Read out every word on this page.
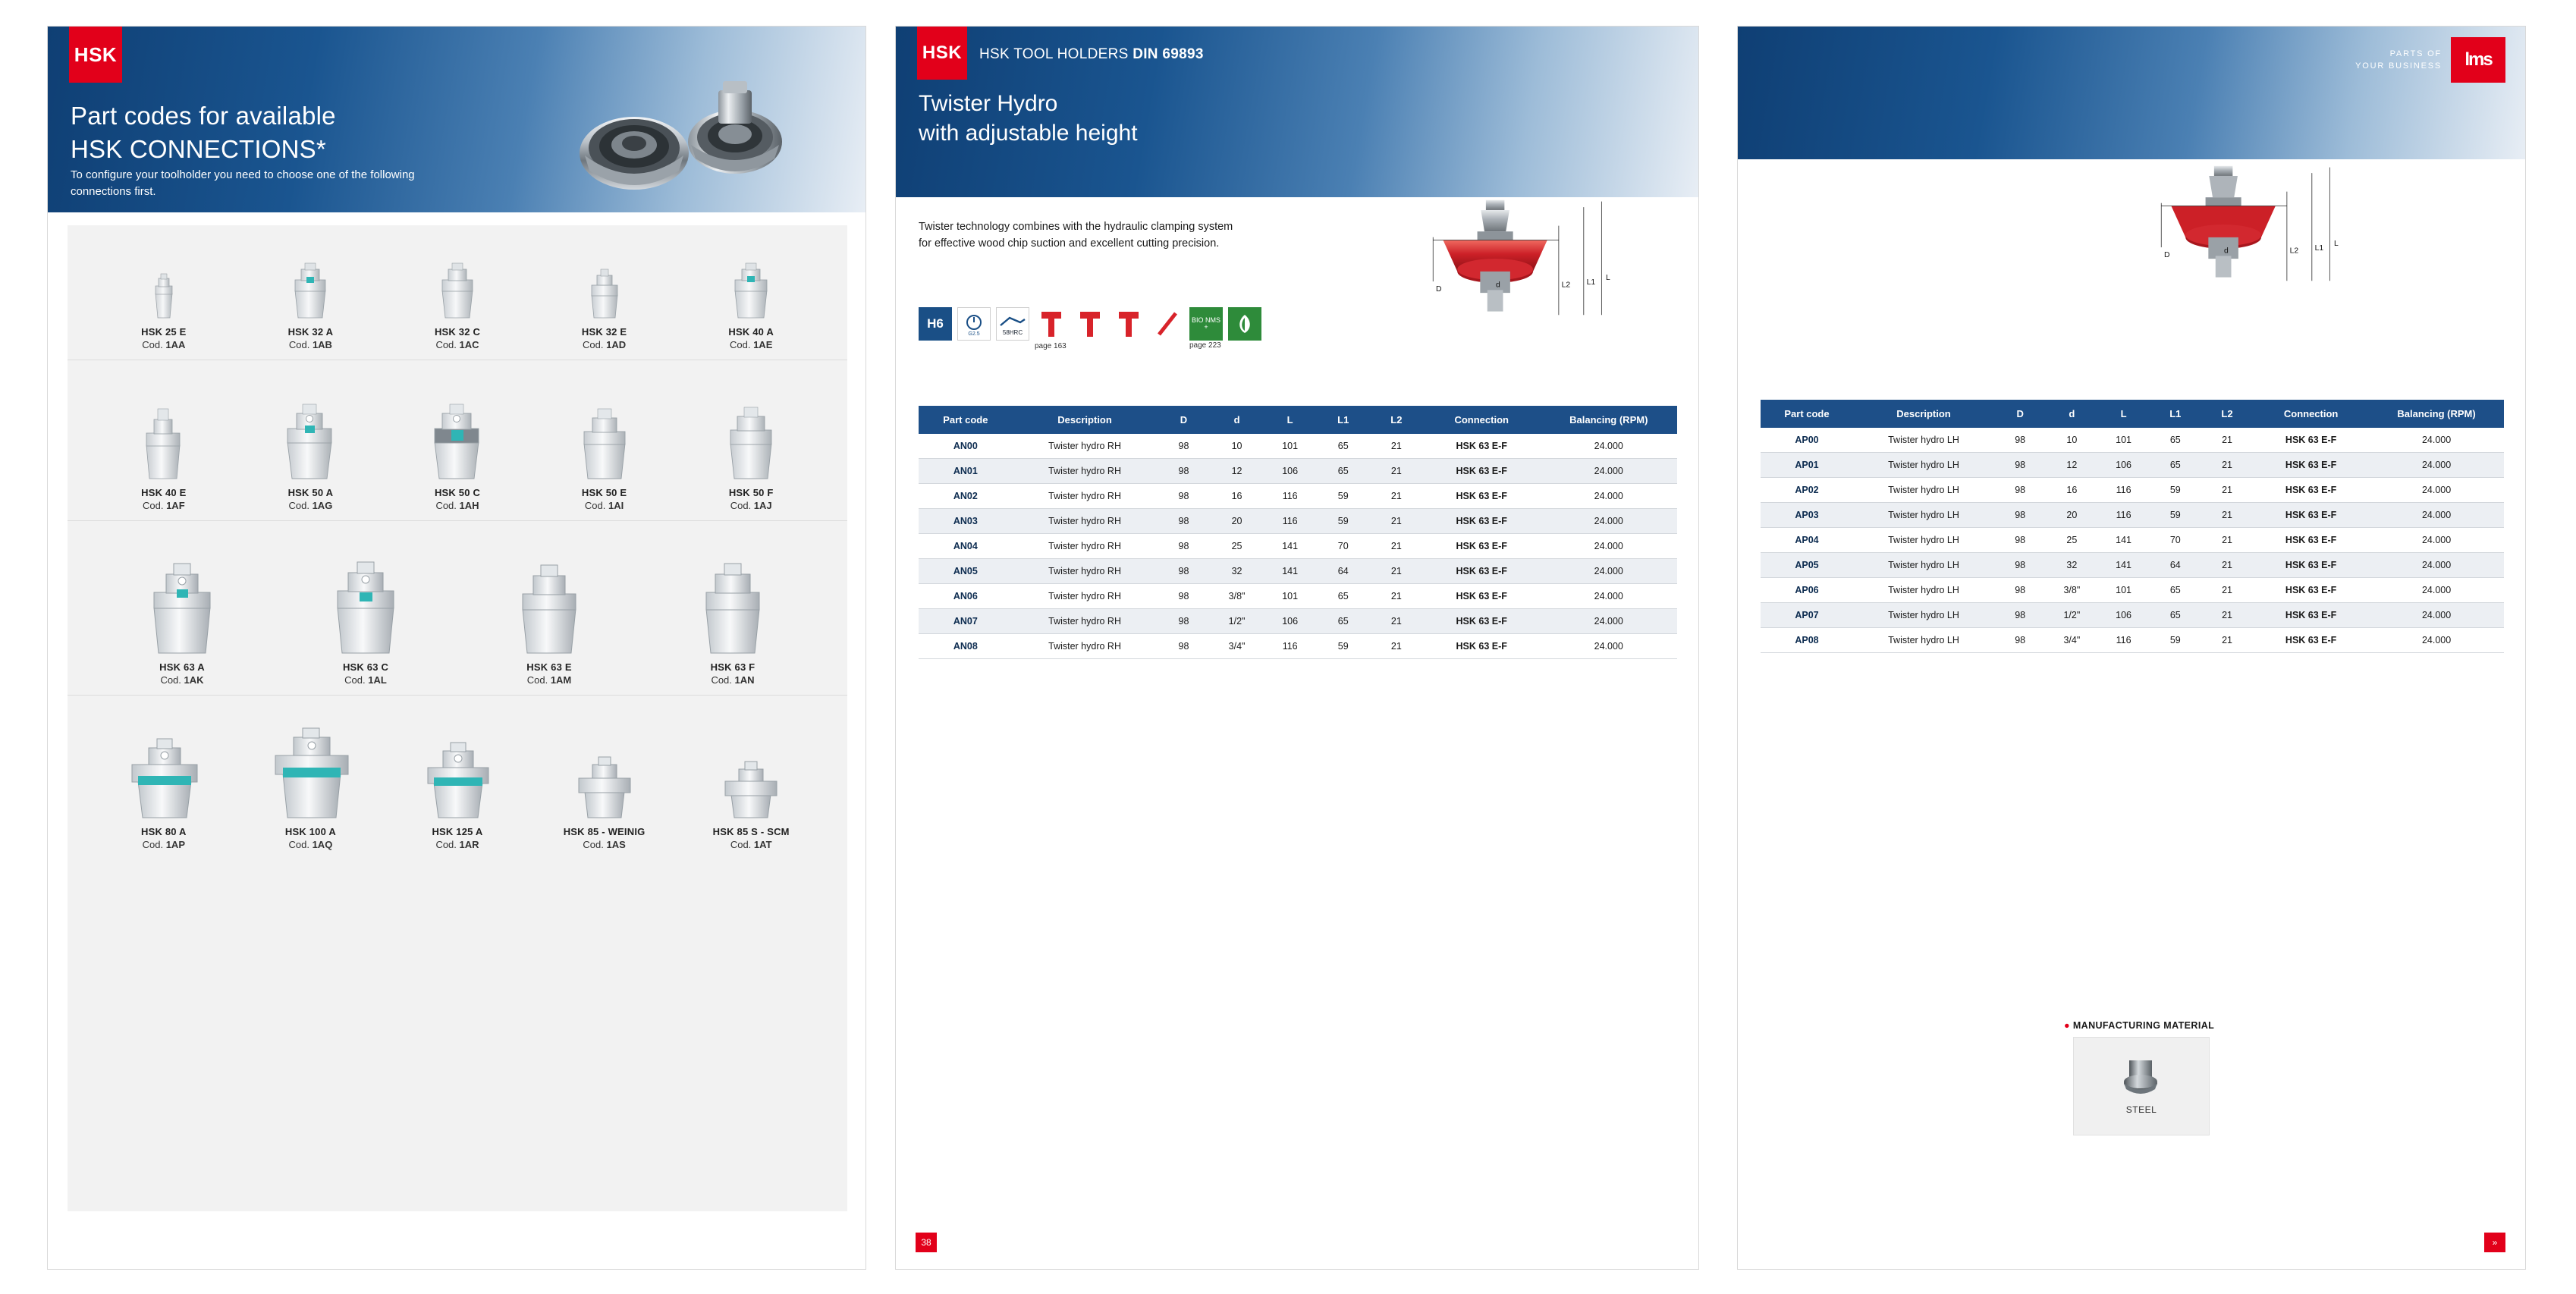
HSK
Part codes for available
HSK CONNECTIONS*
To configure your toolholder you need to choose one of the following connections first.
HSK 25 E
Cod. 1AA
HSK 32 A
Cod. 1AB
HSK 32 C
Cod. 1AC
HSK 32 E
Cod. 1AD
HSK 40 A
Cod. 1AE
HSK 40 E
Cod. 1AF
HSK 50 A
Cod. 1AG
HSK 50 C
Cod. 1AH
HSK 50 E
Cod. 1AI
HSK 50 F
Cod. 1AJ
HSK 63 A
Cod. 1AK
HSK 63 C
Cod. 1AL
HSK 63 E
Cod. 1AM
HSK 63 F
Cod. 1AN
HSK 80 A
Cod. 1AP
HSK 100 A
Cod. 1AQ
HSK 125 A
Cod. 1AR
HSK 85 - WEINIG
Cod. 1AS
HSK 85 S - SCM
Cod. 1AT
HSK	HSK TOOL HOLDERS DIN 69893
Twister Hydro
with adjustable height
Twister technology combines with the hydraulic clamping system for effective wood chip suction and excellent cutting precision.
H6
G2.5	58HRC
page 163
BIO NMS +
page 223
D
d	L2 L1
L
Part code	Description	D	d	L	L1	L2	Connection	Balancing (RPM)
AN00	Twister hydro RH	98	10	101	65	21	HSK 63 E-F	24.000
AN01	Twister hydro RH	98	12	106	65	21	HSK 63 E-F	24.000
AN02	Twister hydro RH	98	16	116	59	21	HSK 63 E-F	24.000
AN03	Twister hydro RH	98	20	116	59	21	HSK 63 E-F	24.000
AN04	Twister hydro RH	98	25	141	70	21	HSK 63 E-F	24.000
AN05	Twister hydro RH	98	32	141	64	21	HSK 63 E-F	24.000
AN06	Twister hydro RH	98	3/8"	101	65	21	HSK 63 E-F	24.000
AN07	Twister hydro RH	98	1/2"	106	65	21	HSK 63 E-F	24.000
AN08	Twister hydro RH	98	3/4"	116	59	21	HSK 63 E-F	24.000
38
PARTS OF
YOUR BUSINESS	lms
D
d	L2 L1
L
Part code	Description	D	d	L	L1	L2	Connection	Balancing (RPM)
AP00	Twister hydro LH	98	10	101	65	21	HSK 63 E-F	24.000
AP01	Twister hydro LH	98	12	106	65	21	HSK 63 E-F	24.000
AP02	Twister hydro LH	98	16	116	59	21	HSK 63 E-F	24.000
AP03	Twister hydro LH	98	20	116	59	21	HSK 63 E-F	24.000
AP04	Twister hydro LH	98	25	141	70	21	HSK 63 E-F	24.000
AP05	Twister hydro LH	98	32	141	64	21	HSK 63 E-F	24.000
AP06	Twister hydro LH	98	3/8"	101	65	21	HSK 63 E-F	24.000
AP07	Twister hydro LH	98	1/2"	106	65	21	HSK 63 E-F	24.000
AP08	Twister hydro LH	98	3/4"	116	59	21	HSK 63 E-F	24.000
● MANUFACTURING MATERIAL
STEEL
»
